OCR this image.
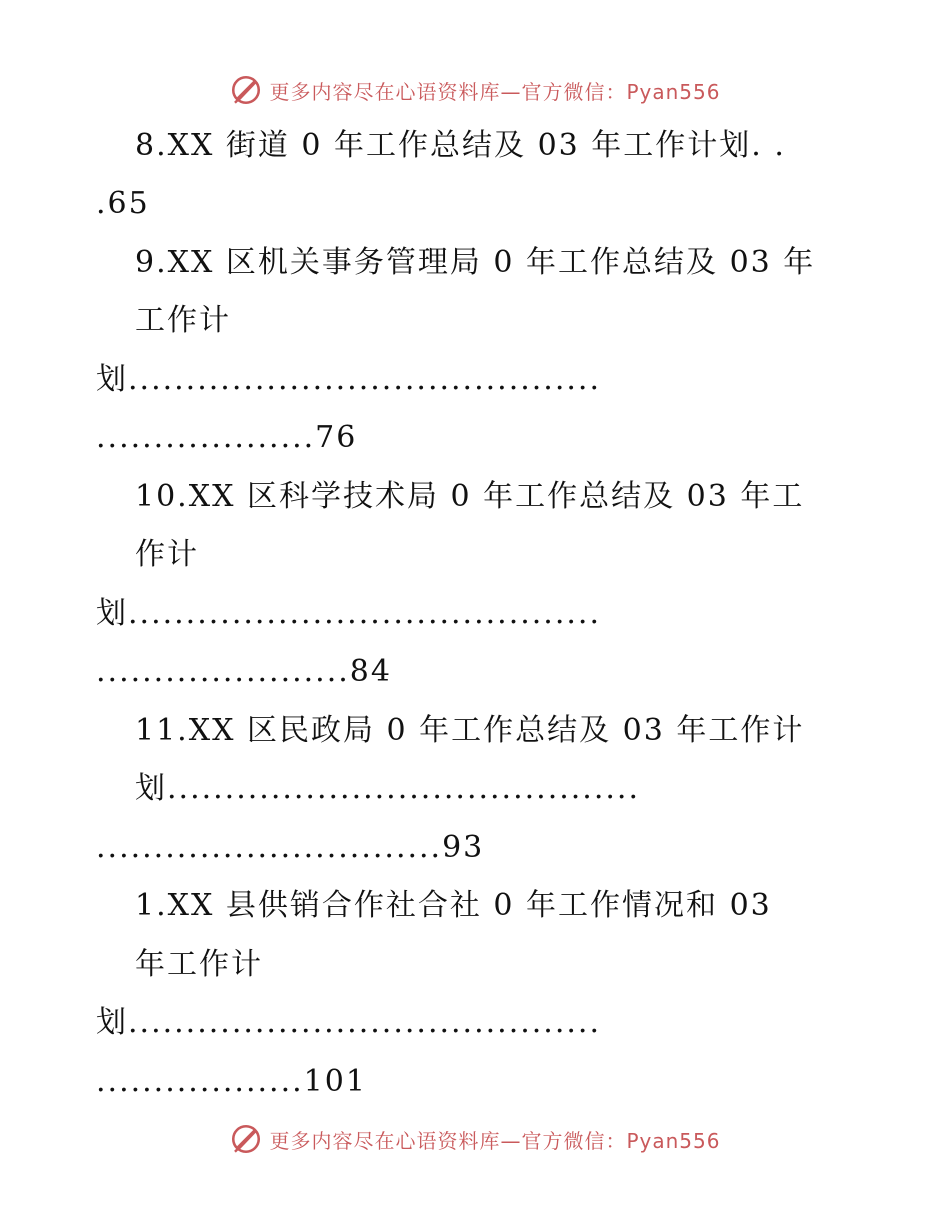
更多内容尽在心语资料库—官方微信：Pyan556
8.XX 街道 0 年工作总结及 03 年工作计划. .
.65
9.XX 区机关事务管理局 0 年工作总结及 03 年
工作计
划.........................................
...................76
10.XX 区科学技术局 0 年工作总结及 03 年工
作计
划.........................................
......................84
11.XX 区民政局 0 年工作总结及 03 年工作计
划.........................................
..............................93
1.XX 县供销合作社合社 0 年工作情况和 03
年工作计
划.........................................
..................101
更多内容尽在心语资料库—官方微信：Pyan556
